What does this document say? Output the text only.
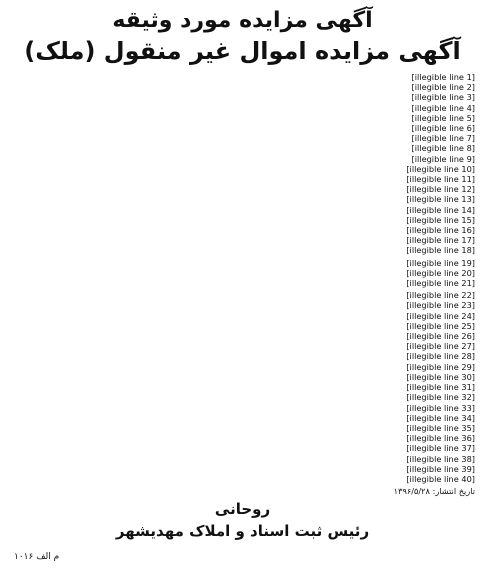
آگهی مزایده مورد وثیقه
آگهی مزایده اموال غیر منقول (ملک)
[illegible line 1]
[illegible line 2]
[illegible line 3]
[illegible line 4]
[illegible line 5]
[illegible line 6]
[illegible line 7]
[illegible line 8]
[illegible line 9]
[illegible line 10]
[illegible line 11]
[illegible line 12]
[illegible line 13]
[illegible line 14]
[illegible line 15]
[illegible line 16]
[illegible line 17]
[illegible line 18]
[illegible line 19]
[illegible line 20]
[illegible line 21]
[illegible line 22]
[illegible line 23]
[illegible line 24]
[illegible line 25]
[illegible line 26]
[illegible line 27]
[illegible line 28]
[illegible line 29]
[illegible line 30]
[illegible line 31]
[illegible line 32]
[illegible line 33]
[illegible line 34]
[illegible line 35]
[illegible line 36]
[illegible line 37]
[illegible line 38]
[illegible line 39]
[illegible line 40]
تاریخ انتشار: ۱۳۹۶/۵/۲۸
روحانی
رئیس ثبت اسناد و املاک مهدیشهر
م الف ۱۰۱۶
